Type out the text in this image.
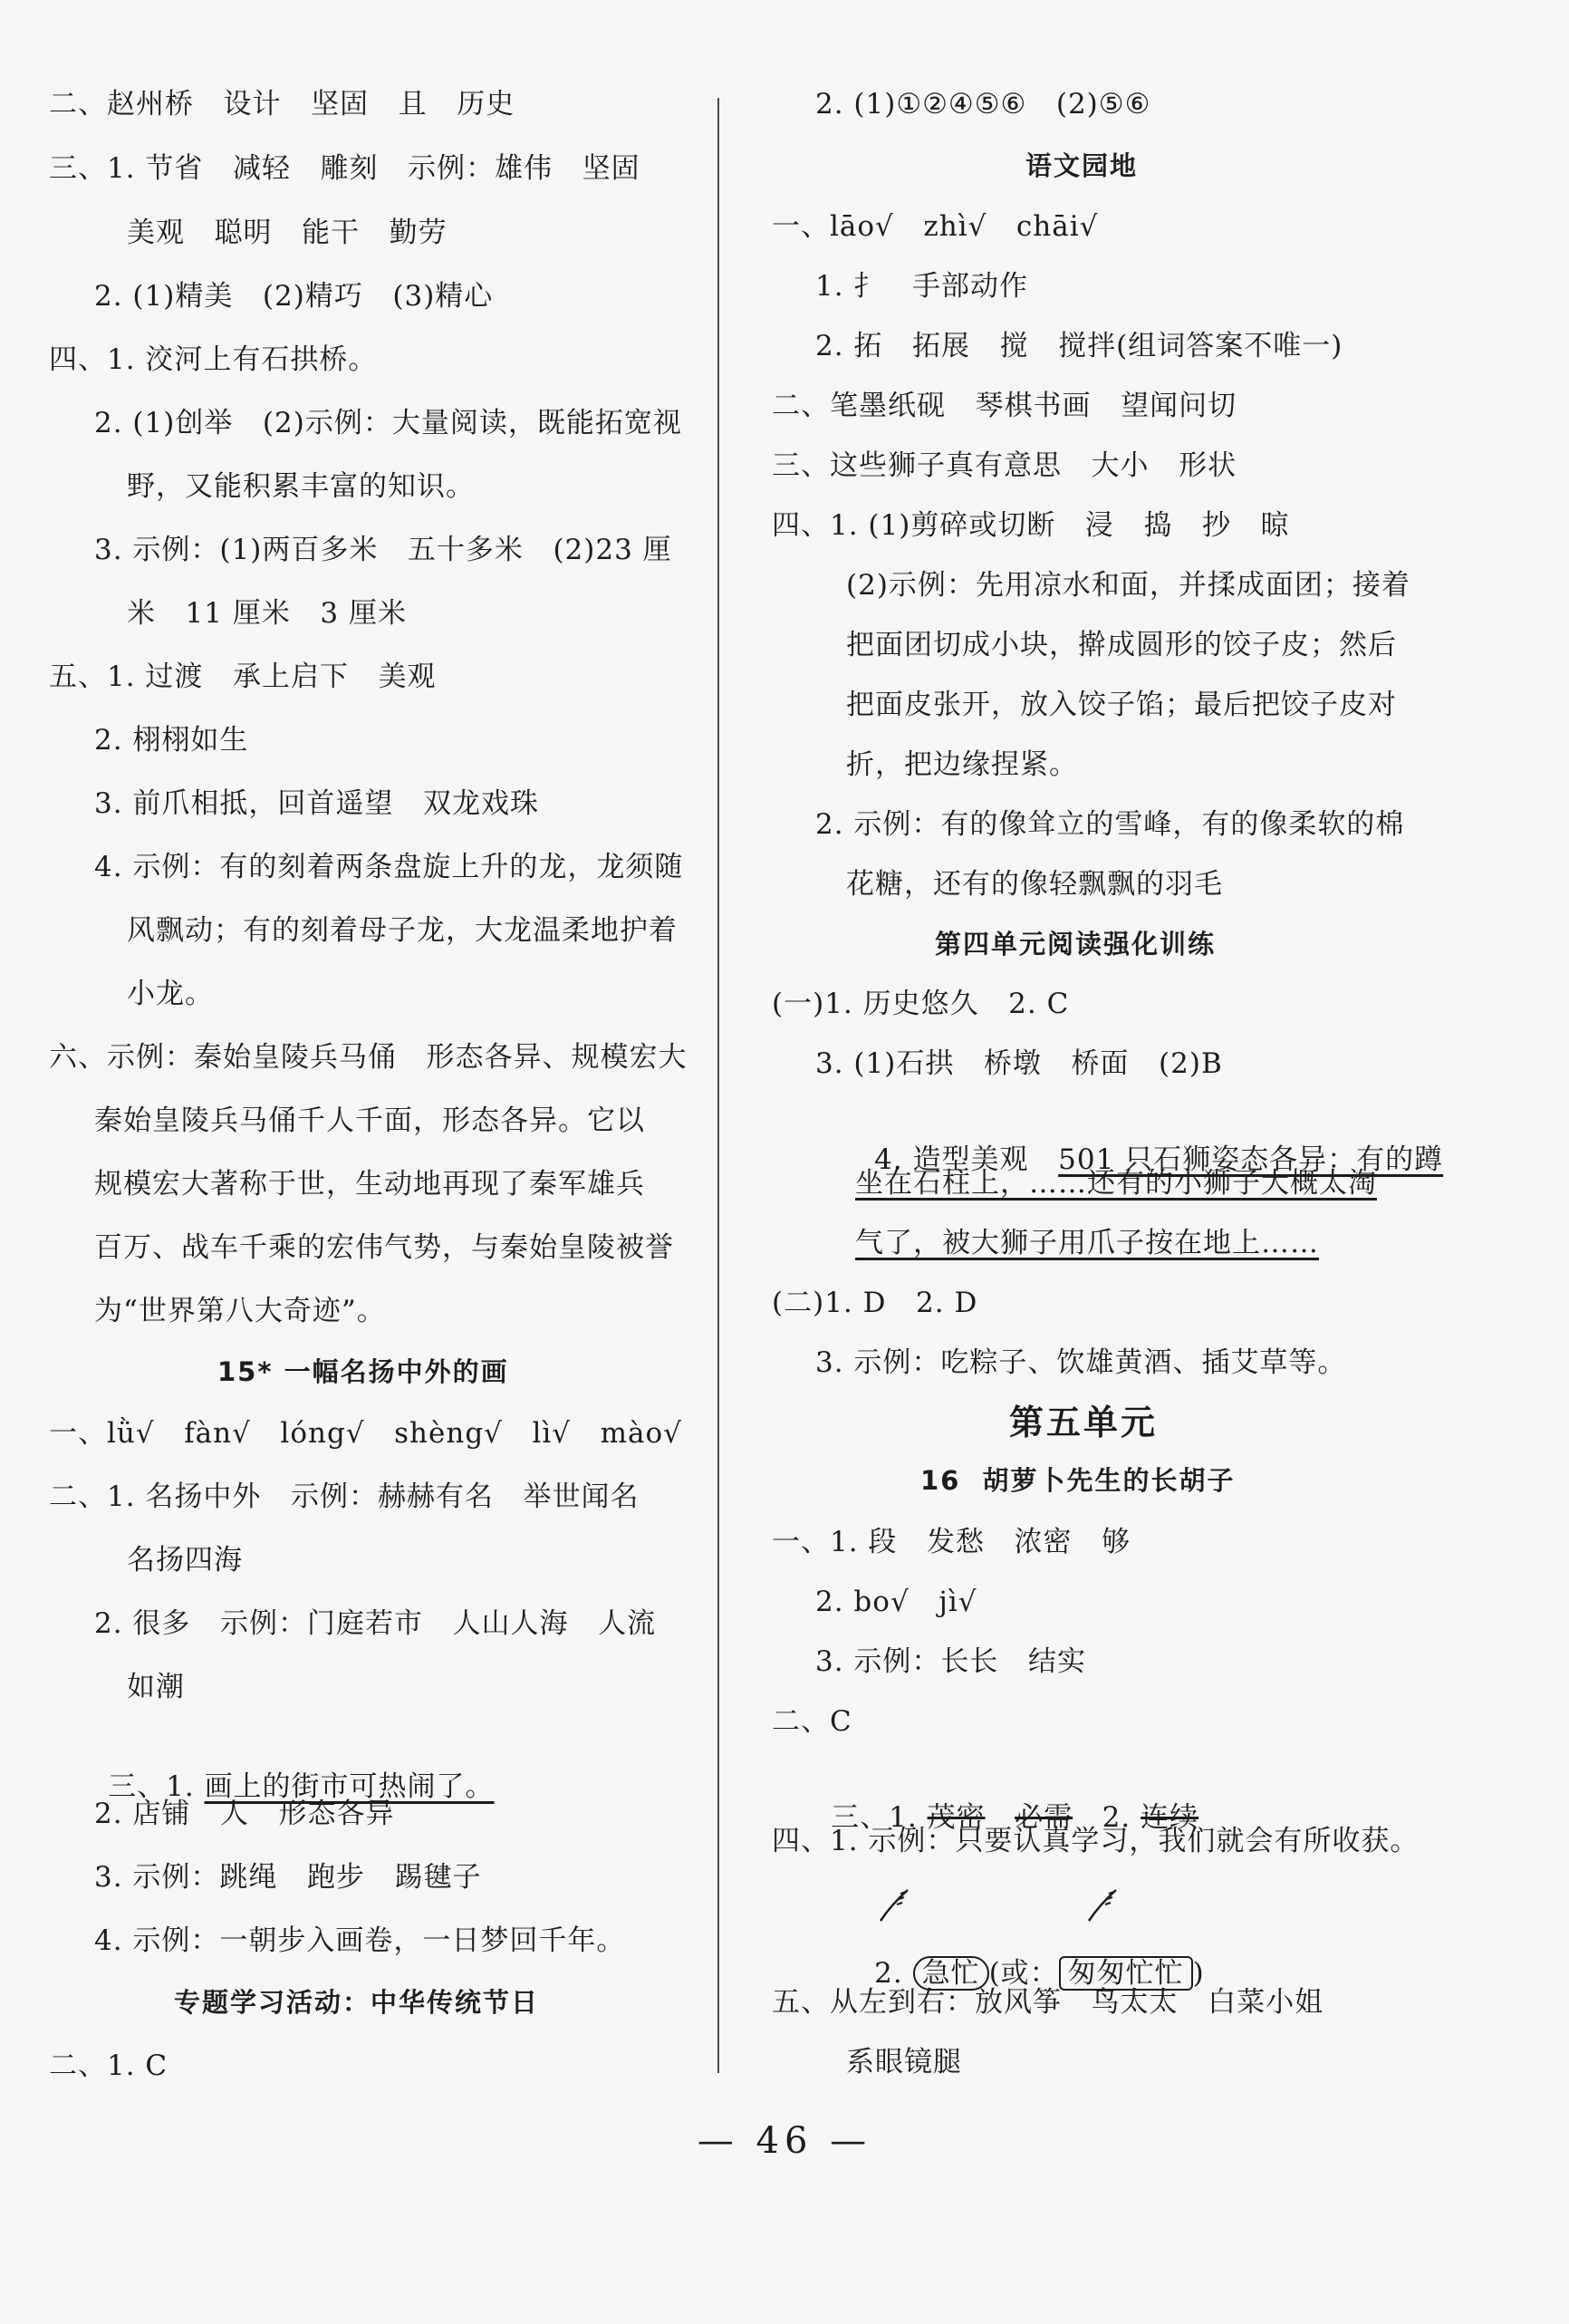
二、赵州桥   设计   坚固   且   历史
三、1. 节省   减轻   雕刻   示例：雄伟   坚固
美观   聪明   能干   勤劳
2. (1)精美   (2)精巧   (3)精心
四、1. 洨河上有石拱桥。
2. (1)创举   (2)示例：大量阅读，既能拓宽视
野，又能积累丰富的知识。
3. 示例：(1)两百多米   五十多米   (2)23 厘
米   11 厘米   3 厘米
五、1. 过渡   承上启下   美观
2. 栩栩如生
3. 前爪相抵，回首遥望   双龙戏珠
4. 示例：有的刻着两条盘旋上升的龙，龙须随
风飘动；有的刻着母子龙，大龙温柔地护着
小龙。
六、示例：秦始皇陵兵马俑   形态各异、规模宏大
秦始皇陵兵马俑千人千面，形态各异。它以
规模宏大著称于世，生动地再现了秦军雄兵
百万、战车千乘的宏伟气势，与秦始皇陵被誉
为“世界第八大奇迹”。
15* 一幅名扬中外的画
一、lǜ√   fàn√   lóng√   shèng√   lì√   mào√
二、1. 名扬中外   示例：赫赫有名   举世闻名
名扬四海
2. 很多   示例：门庭若市   人山人海   人流
如潮

三、1. 画上的街市可热闹了。

2. 店铺   人   形态各异
3. 示例：跳绳   跑步   踢毽子
4. 示例：一朝步入画卷，一日梦回千年。
专题学习活动：中华传统节日
二、1. C
2. (1)①②④⑤⑥   (2)⑤⑥
语文园地
一、lāo√   zhì√   chāi√
1. 扌   手部动作
2. 拓   拓展   搅   搅拌(组词答案不唯一)
二、笔墨纸砚   琴棋书画   望闻问切
三、这些狮子真有意思   大小   形状
四、1. (1)剪碎或切断   浸   捣   抄   晾
(2)示例：先用凉水和面，并揉成面团；接着
把面团切成小块，擀成圆形的饺子皮；然后
把面皮张开，放入饺子馅；最后把饺子皮对
折，把边缘捏紧。
2. 示例：有的像耸立的雪峰，有的像柔软的棉
花糖，还有的像轻飘飘的羽毛
第四单元阅读强化训练
(一)1. 历史悠久   2. C
3. (1)石拱   桥墩   桥面   (2)B

4. 造型美观   501 只石狮姿态各异：有的蹲

坐在石柱上，……还有的小狮子大概太淘
气了，被大狮子用爪子按在地上……
(二)1. D   2. D
3. 示例：吃粽子、饮雄黄酒、插艾草等。
第五单元
16  胡萝卜先生的长胡子
一、1. 段   发愁   浓密   够
2. bo√   jì√
3. 示例：长长   结实
二、C

三、1. 茂密 必需   2. 连续

四、1. 示例：只要认真学习，我们就会有所收获。

2. 急忙 (或： 匆匆忙忙 )

五、从左到右：放风筝   鸟太太   白菜小姐
系眼镜腿
— 46 —
